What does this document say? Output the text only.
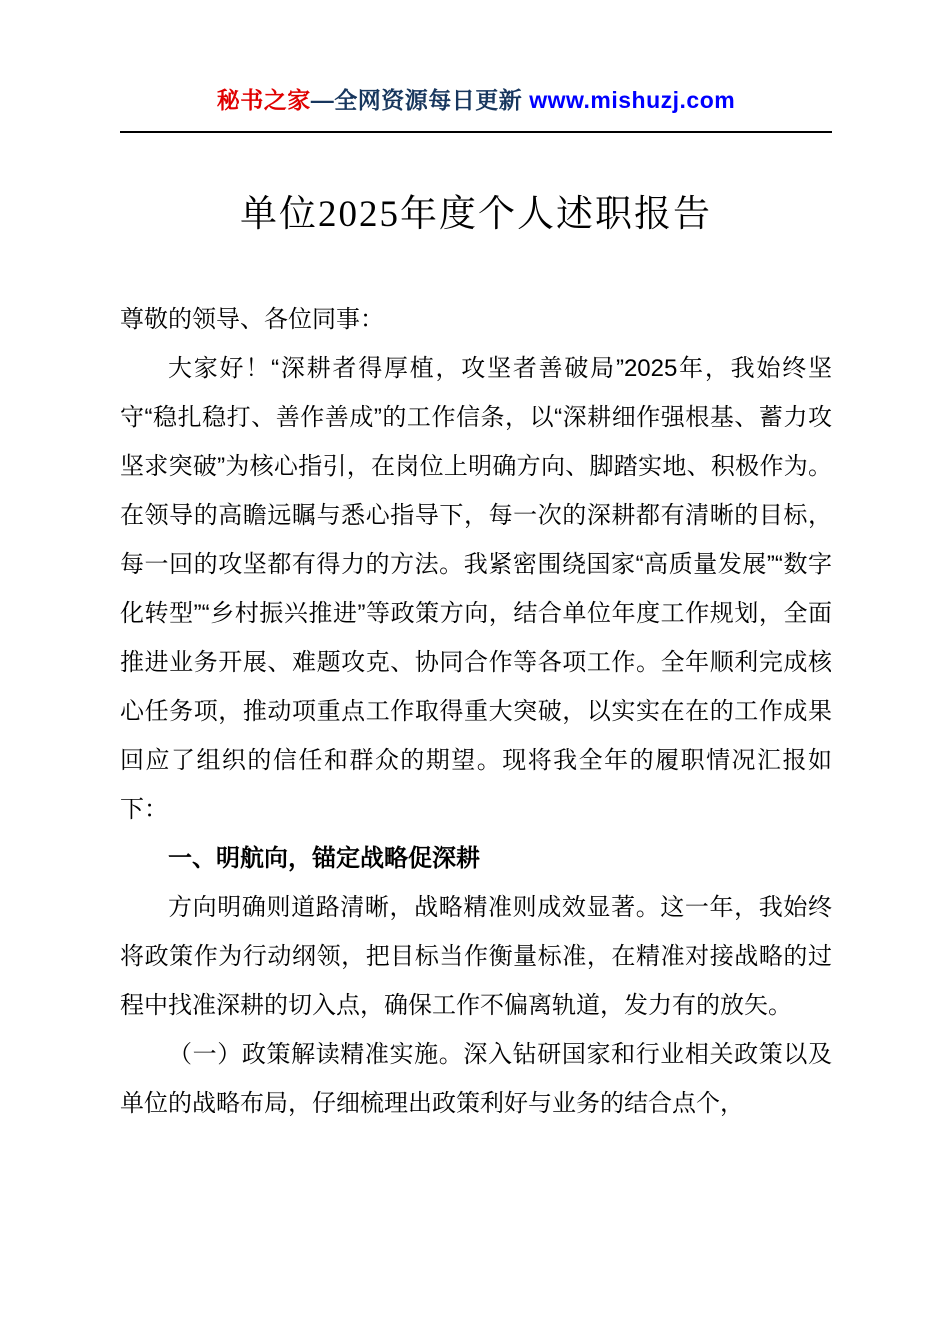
秘书之家—全网资源每日更新 www.mishuzj.com
单位2025年度个人述职报告

尊敬的领导、各位同事：

大家好！“深耕者得厚植，攻坚者善破局”2025年，我始终坚守“稳扎稳打、善作善成”的工作信条，以“深耕细作强根基、蓄力攻坚求突破”为核心指引，在岗位上明确方向、脚踏实地、积极作为。在领导的高瞻远瞩与悉心指导下，每一次的深耕都有清晰的目标，每一回的攻坚都有得力的方法。我紧密围绕国家“高质量发展”“数字化转型”“乡村振兴推进”等政策方向，结合单位年度工作规划，全面推进业务开展、难题攻克、协同合作等各项工作。全年顺利完成核心任务项，推动项重点工作取得重大突破，以实实在在的工作成果回应了组织的信任和群众的期望。现将我全年的履职情况汇报如下：

一、明航向，锚定战略促深耕

方向明确则道路清晰，战略精准则成效显著。这一年，我始终将政策作为行动纲领，把目标当作衡量标准，在精准对接战略的过程中找准深耕的切入点，确保工作不偏离轨道，发力有的放矢。

（一）政策解读精准实施。深入钻研国家和行业相关政策以及单位的战略布局，仔细梳理出政策利好与业务的结合点个，
